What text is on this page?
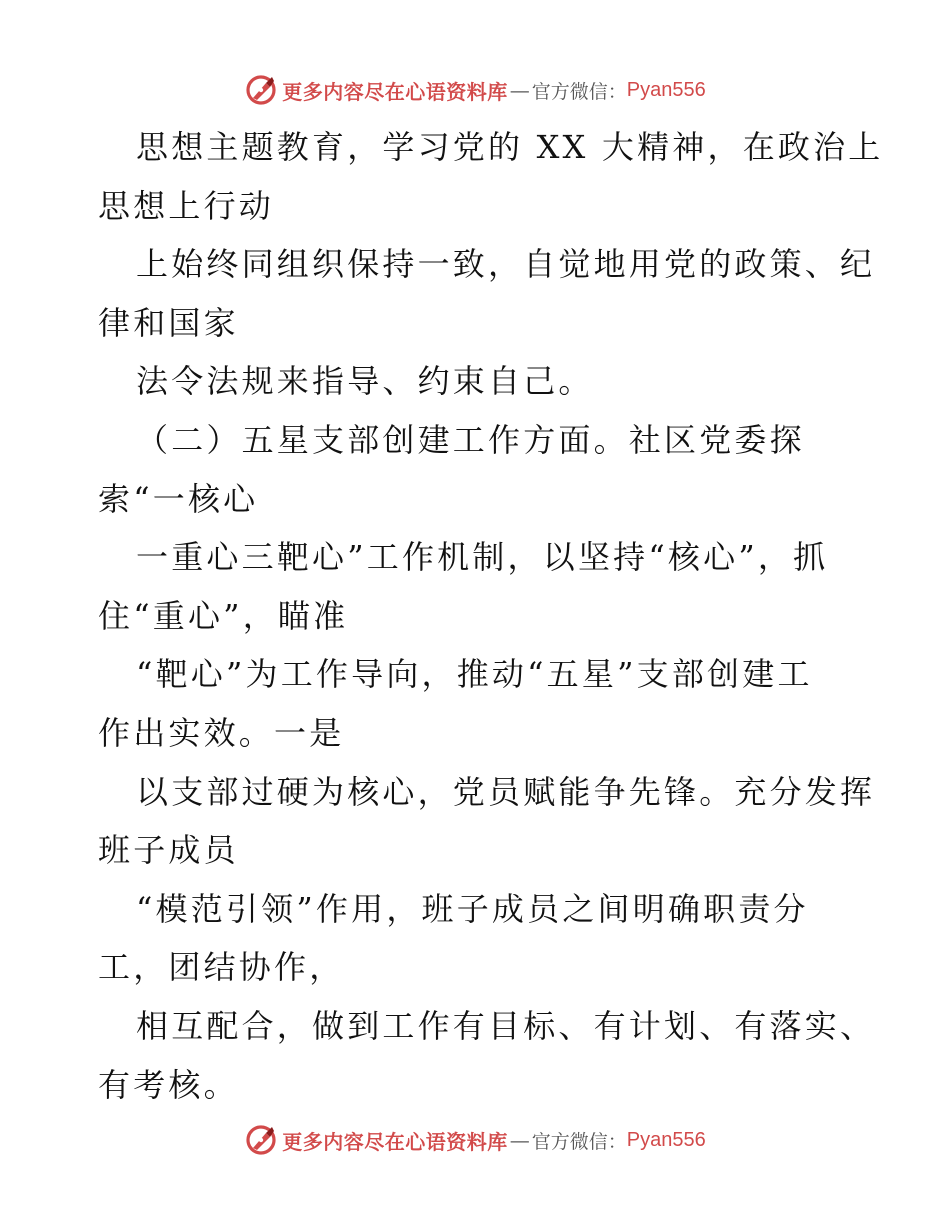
更多内容尽在心语资料库 — 官方微信： Pyan556
思想主题教育，学习党的 XX 大精神，在政治上
思想上行动
上始终同组织保持一致，自觉地用党的政策、纪
律和国家
法令法规来指导、约束自己。
（二）五星支部创建工作方面。社区党委探
索“一核心
一重心三靶心”工作机制，以坚持“核心”，抓
住“重心”，瞄准
“靶心”为工作导向，推动“五星”支部创建工
作出实效。一是
以支部过硬为核心，党员赋能争先锋。充分发挥
班子成员
“模范引领”作用，班子成员之间明确职责分
工，团结协作，
相互配合，做到工作有目标、有计划、有落实、
有考核。
更多内容尽在心语资料库 — 官方微信： Pyan556
